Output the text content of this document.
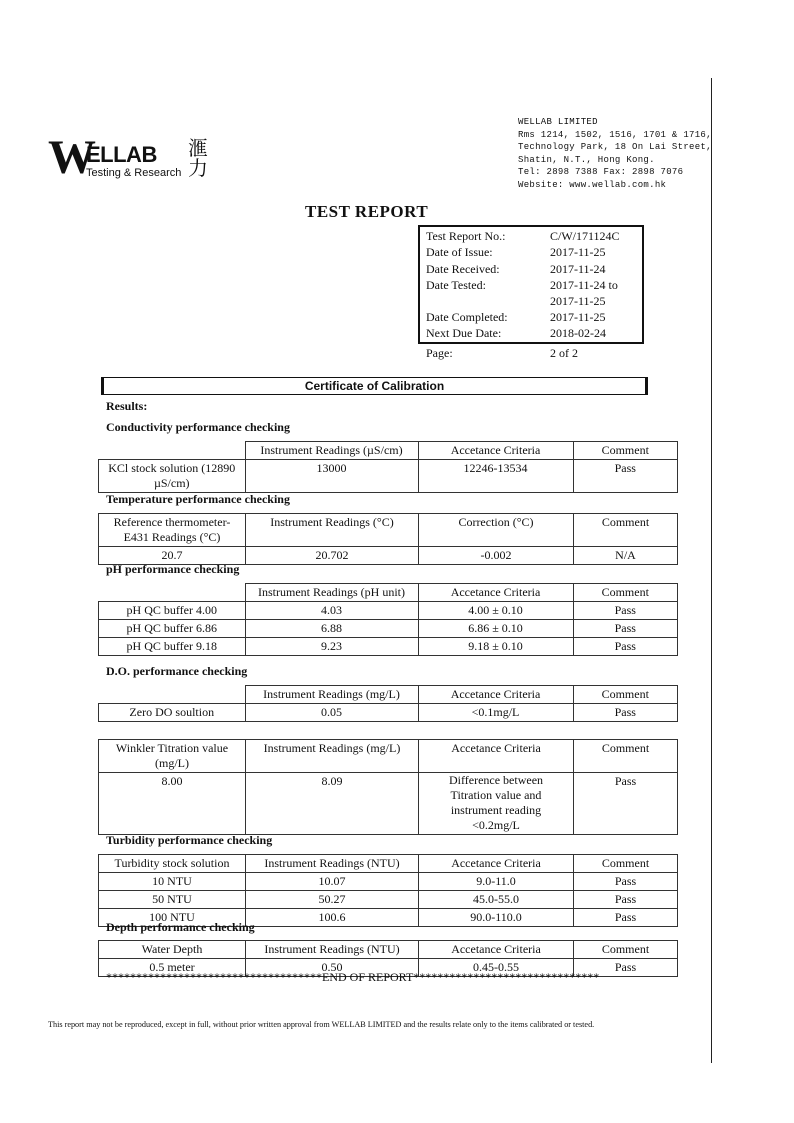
W
ELLAB
Testing & Research
滙力
WELLAB LIMITED
Rms 1214, 1502, 1516, 1701 & 1716,
Technology Park, 18 On Lai Street,
Shatin, N.T., Hong Kong.
Tel: 2898 7388 Fax: 2898 7076
Website: www.wellab.com.hk
TEST REPORT
Test Report No.:	C/W/171124C
Date of Issue:	2017-11-25
Date Received:	2017-11-24
Date Tested:	2017-11-24 to
2017-11-25
Date Completed:	2017-11-25
Next Due Date:	2018-02-24
Page:	2 of 2
Certificate of Calibration
Results:
Conductivity performance checking
	Instrument Readings (µS/cm)	Accetance Criteria	Comment
KCl stock solution (12890 µS/cm)	13000	12246-13534	Pass
Temperature performance checking
Reference thermometer-E431 Readings (°C)	Instrument Readings (°C)	Correction (°C)	Comment
20.7	20.702	-0.002	N/A
pH performance checking
	Instrument Readings (pH unit)	Accetance Criteria	Comment
pH QC buffer 4.00	4.03	4.00 ± 0.10	Pass
pH QC buffer 6.86	6.88	6.86 ± 0.10	Pass
pH QC buffer 9.18	9.23	9.18 ± 0.10	Pass
D.O. performance checking
	Instrument Readings (mg/L)	Accetance Criteria	Comment
Zero DO soultion	0.05	<0.1mg/L	Pass
Winkler Titration value (mg/L)	Instrument Readings (mg/L)	Accetance Criteria	Comment
8.00	8.09	Difference between Titration value and instrument reading <0.2mg/L	Pass
Turbidity performance checking
Turbidity stock solution	Instrument Readings (NTU)	Accetance Criteria	Comment
10 NTU	10.07	9.0-11.0	Pass
50 NTU	50.27	45.0-55.0	Pass
100 NTU	100.6	90.0-110.0	Pass
Depth performance checking
Water Depth	Instrument Readings (NTU)	Accetance Criteria	Comment
0.5 meter	0.50	0.45-0.55	Pass
************************************END OF REPORT*******************************
This report may not be reproduced, except in full, without prior written approval from WELLAB LIMITED and the results relate only to the items calibrated or tested.
